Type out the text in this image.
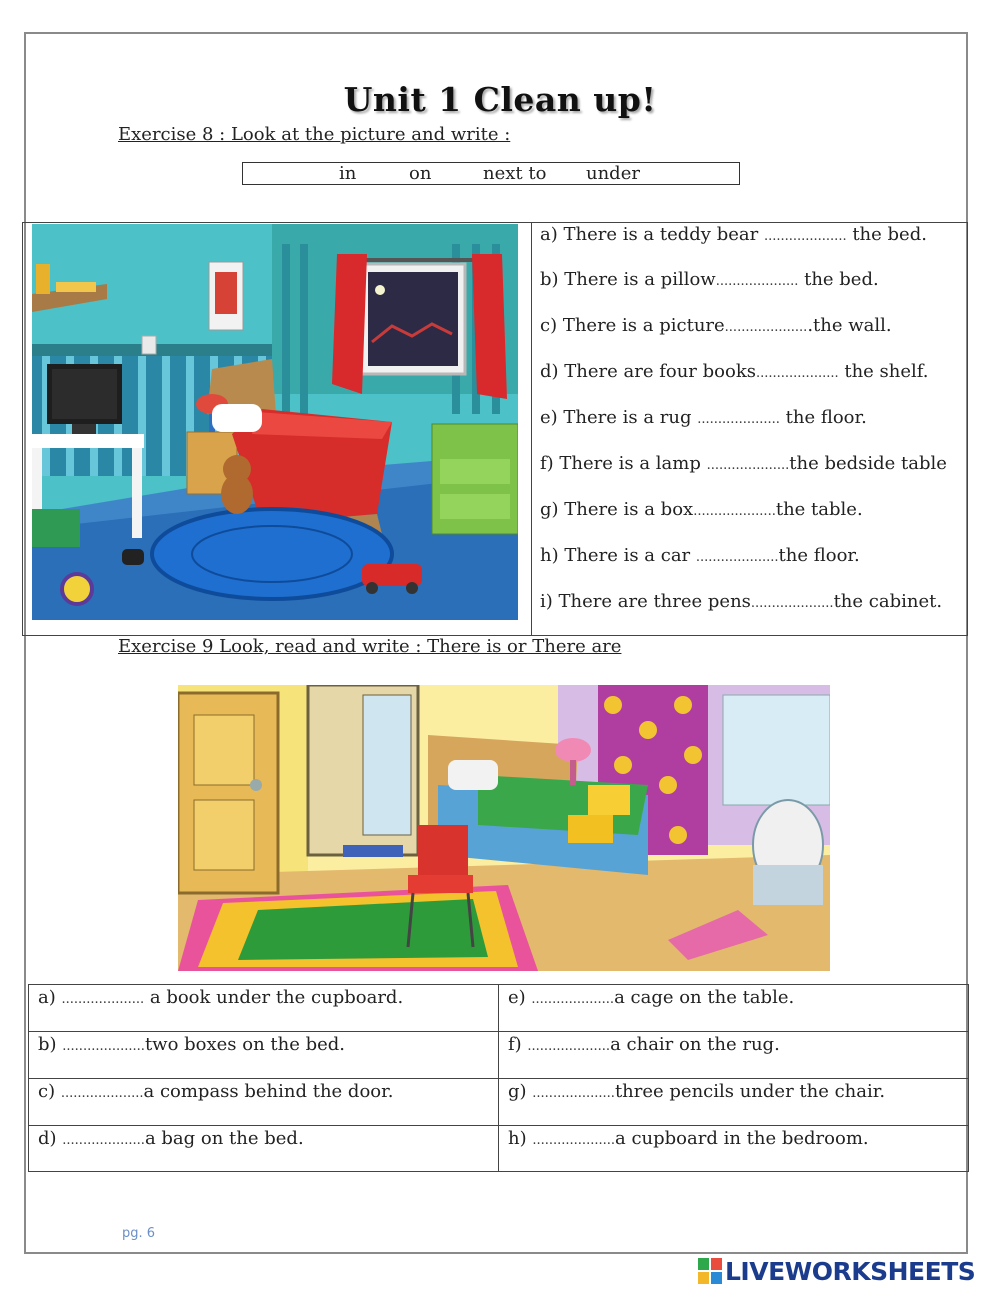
Unit 1 Clean up!
Exercise 8 : Look at the picture and write :
in	on	next to under
a) There is a teddy bear .................... the bed.
b) There is a pillow.................... the bed.
c) There is a picture.....................the wall.
d) There are four books.................... the shelf.
e) There is a rug .................... the floor.
f) There is a lamp ....................the bedside table
g) There is a box....................the table.
h) There is a car ....................the floor.
i) There are three pens....................the cabinet.
Exercise 9 Look, read and write : There is or There are
a) .................... a book under the cupboard.
b) ....................two boxes on the bed.
c) ....................a compass behind the door.
d) ....................a bag on the bed.
e) ....................a cage on the table.
f) ....................a chair on the rug.
g) ....................three pencils under the chair.
h) ....................a cupboard in the bedroom.
pg. 6
LIVEWORKSHEETS
